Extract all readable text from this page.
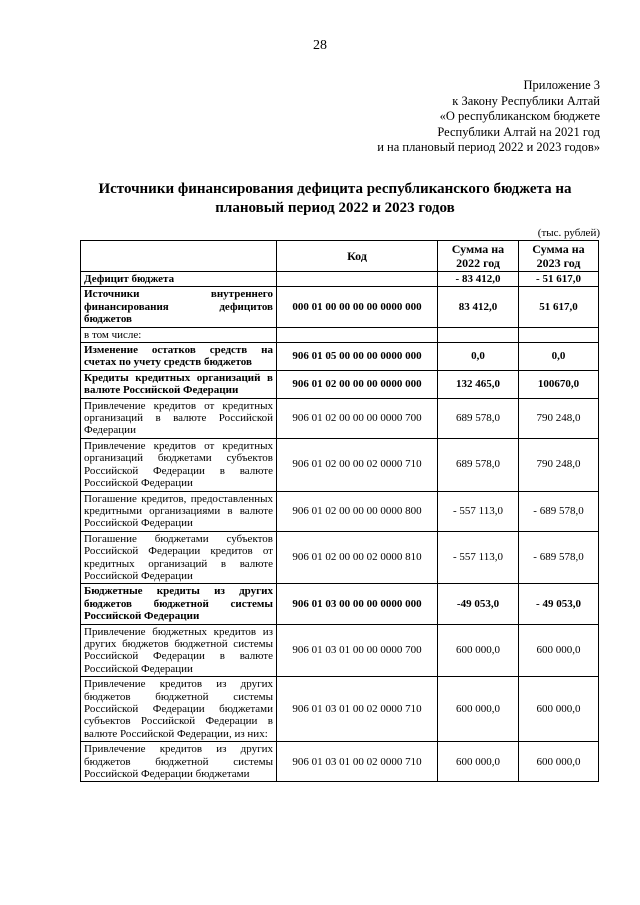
28
Приложение 3
к Закону Республики Алтай
«О республиканском бюджете
Республики Алтай на 2021 год
и на плановый период 2022 и 2023 годов»
Источники финансирования дефицита республиканского бюджета на
плановый период 2022 и 2023 годов
(тыс. рублей)
	Код	Сумма на 2022 год	Сумма на 2023 год
Дефицит бюджета		- 83 412,0	- 51 617,0
Источники внутреннего финансирования дефицитов бюджетов	000 01 00 00 00 00 0000 000	83 412,0	51 617,0
в том числе:			
Изменение остатков средств на счетах по учету средств бюджетов	906 01 05 00 00 00 0000 000	0,0	0,0
Кредиты кредитных организаций в валюте Российской Федерации	906 01 02 00 00 00 0000 000	132 465,0	100670,0
Привлечение кредитов от кредитных организаций в валюте Российской Федерации	906 01 02 00 00 00 0000 700	689 578,0	790 248,0
Привлечение кредитов от кредитных организаций бюджетами субъектов Российской Федерации в валюте Российской Федерации	906 01 02 00 00 02 0000 710	689 578,0	790 248,0
Погашение кредитов, предоставленных кредитными организациями в валюте Российской Федерации	906 01 02 00 00 00 0000 800	- 557 113,0	- 689 578,0
Погашение бюджетами субъектов Российской Федерации кредитов от кредитных организаций в валюте Российской Федерации	906 01 02 00 00 02 0000 810	- 557 113,0	- 689 578,0
Бюджетные кредиты из других бюджетов бюджетной системы Российской Федерации	906 01 03 00 00 00 0000 000	-49 053,0	- 49 053,0
Привлечение бюджетных кредитов из других бюджетов бюджетной системы Российской Федерации в валюте Российской Федерации	906 01 03 01 00 00 0000 700	600 000,0	600 000,0
Привлечение кредитов из других бюджетов бюджетной системы Российской Федерации бюджетами субъектов Российской Федерации в валюте Российской Федерации, из них:	906 01 03 01 00 02 0000 710	600 000,0	600 000,0
Привлечение кредитов из других бюджетов бюджетной системы Российской Федерации бюджетами	906 01 03 01 00 02 0000 710	600 000,0	600 000,0
